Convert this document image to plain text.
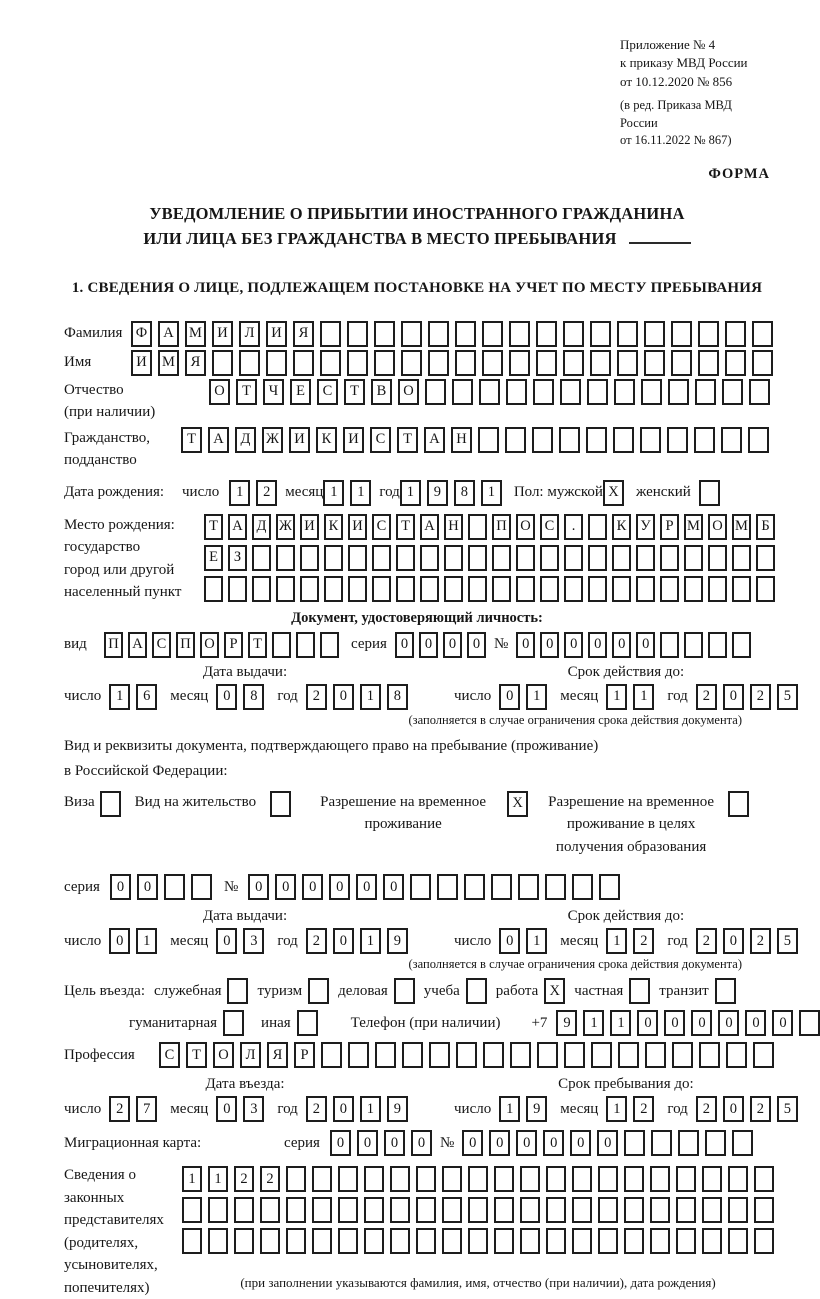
Приложение № 4
к приказу МВД России
от 10.12.2020 № 856
(в ред. Приказа МВД России
от 16.11.2022 № 867)
ФОРМА
УВЕДОМЛЕНИЕ О ПРИБЫТИИ ИНОСТРАННОГО ГРАЖДАНИНА
ИЛИ ЛИЦА БЕЗ ГРАЖДАНСТВА В МЕСТО ПРЕБЫВАНИЯ
1. СВЕДЕНИЯ О ЛИЦЕ, ПОДЛЕЖАЩЕМ ПОСТАНОВКЕ НА УЧЕТ ПО МЕСТУ ПРЕБЫВАНИЯ
Фамилия Ф	А	М	И	Л	И	Я
Имя	И	М	Я
Отчество
(при наличии)
О	Т	Ч	Е	С	Т	В	О
Гражданство,
подданство
Т	А	Д	Ж	И	К	И	С	Т	А	Н
Дата рождения:	число	1	2 месяц 1	1 год 1	9	8	1	Пол: мужской X	женский
Место рождения:
государство
город или другой
населенный пункт
Т А Д Ж И К И С	Т А Н	П О С	.	К У	Р М О М Б
Е	З
Документ, удостоверяющий личность:
вид	П А С П О	Р	Т	серия 0	0	0	0 № 0	0	0	0	0	0
Дата выдачи:
число	1	6	месяц	0	8	год	2	0	1	8
Срок действия до:
число	0	1	месяц	1	1	год	2	0	2	5
(заполняется в случае ограничения срока действия документа)
Вид и реквизиты документа, подтверждающего право на пребывание (проживание)
в Российской Федерации:
Виза	Вид на жительство	Разрешение на временное проживание
X	Разрешение на временное проживание в целях получения образования
серия	0	0	№	0	0	0	0	0	0
Дата выдачи:
число	0	1	месяц	0	3	год	2	0	1	9
Срок действия до:
число	0	1	месяц	1	2	год	2	0	2	5
(заполняется в случае ограничения срока действия документа)
Цель въезда: служебная туризм деловая учеба работа X частная транзит
гуманитарная	иная	Телефон (при наличии) +7	9	1	1	0	0	0	0	0	0
Профессия	С	Т	О	Л	Я	Р
Дата въезда:
число	2	7	месяц	0	3	год	2	0	1	9
Срок пребывания до:
число	1	9	месяц	1	2	год	2	0	2	5
Миграционная карта:	серия	0	0	0	0 №	0	0	0	0	0	0
Сведения о
законных
представителях
(родителях,
усыновителях,
попечителях)
1	1	2	2
(при заполнении указываются фамилия, имя, отчество (при наличии), дата рождения)
